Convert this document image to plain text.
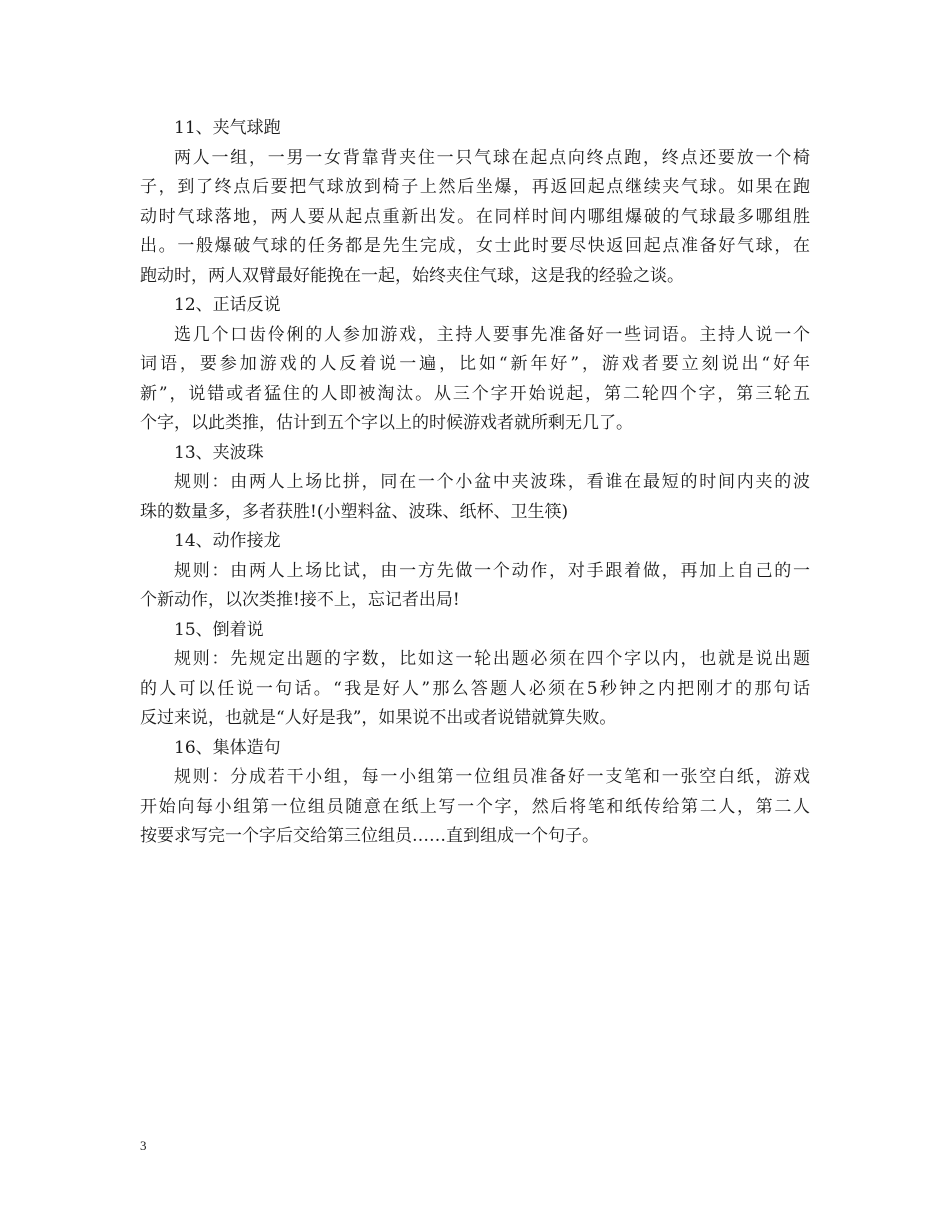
11、夹气球跑
两人一组，一男一女背靠背夹住一只气球在起点向终点跑，终点还要放一个椅
子，到了终点后要把气球放到椅子上然后坐爆，再返回起点继续夹气球。如果在跑
动时气球落地，两人要从起点重新出发。在同样时间内哪组爆破的气球最多哪组胜
出。一般爆破气球的任务都是先生完成，女士此时要尽快返回起点准备好气球，在
跑动时，两人双臂最好能挽在一起，始终夹住气球，这是我的经验之谈。
12、正话反说
选几个口齿伶俐的人参加游戏，主持人要事先准备好一些词语。主持人说一个
词语，要参加游戏的人反着说一遍，比如“新年好”，游戏者要立刻说出“好年
新”，说错或者猛住的人即被淘汰。从三个字开始说起，第二轮四个字，第三轮五
个字，以此类推，估计到五个字以上的时候游戏者就所剩无几了。
13、夹波珠
规则：由两人上场比拼，同在一个小盆中夹波珠，看谁在最短的时间内夹的波
珠的数量多，多者获胜!(小塑料盆、波珠、纸杯、卫生筷)
14、动作接龙
规则：由两人上场比试，由一方先做一个动作，对手跟着做，再加上自己的一
个新动作，以次类推!接不上，忘记者出局!
15、倒着说
规则：先规定出题的字数，比如这一轮出题必须在四个字以内，也就是说出题
的人可以任说一句话。“我是好人”那么答题人必须在5秒钟之内把刚才的那句话
反过来说，也就是“人好是我”，如果说不出或者说错就算失败。
16、集体造句
规则：分成若干小组，每一小组第一位组员准备好一支笔和一张空白纸，游戏
开始向每小组第一位组员随意在纸上写一个字，然后将笔和纸传给第二人，第二人
按要求写完一个字后交给第三位组员……直到组成一个句子。
3
